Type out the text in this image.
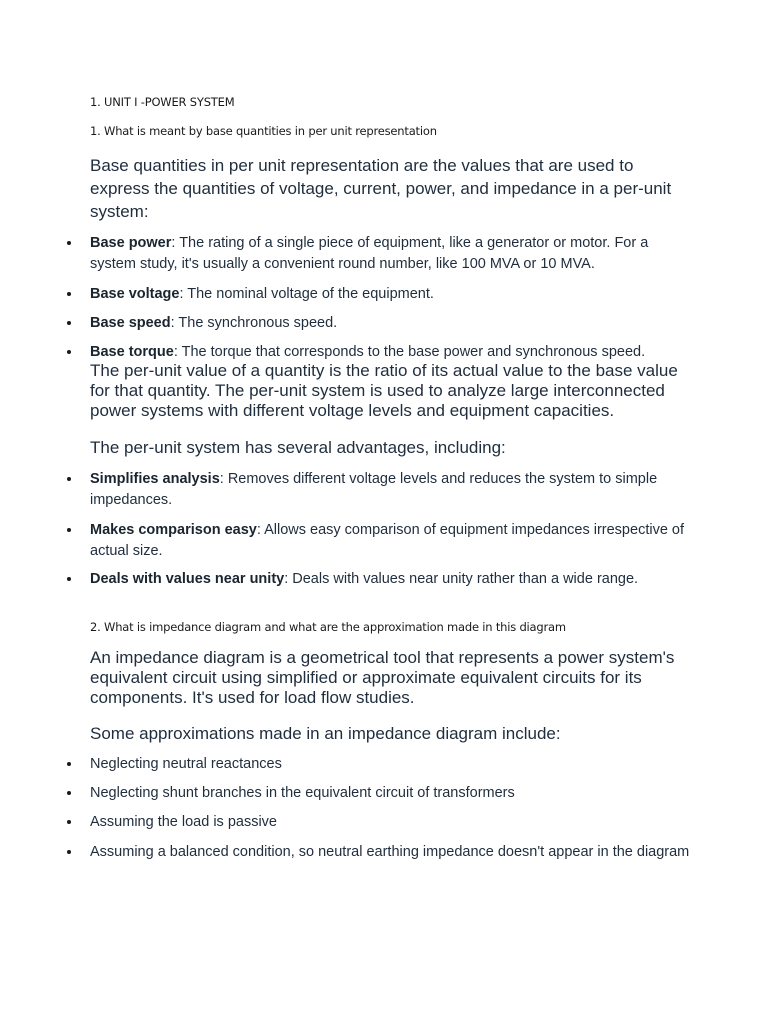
1. UNIT I -POWER SYSTEM
1. What is meant by base quantities in per unit representation
Base quantities in per unit representation are the values that are used to express the quantities of voltage, current, power, and impedance in a per-unit system:
Base power: The rating of a single piece of equipment, like a generator or motor. For a system study, it's usually a convenient round number, like 100 MVA or 10 MVA.
Base voltage: The nominal voltage of the equipment.
Base speed: The synchronous speed.
Base torque: The torque that corresponds to the base power and synchronous speed.
The per-unit value of a quantity is the ratio of its actual value to the base value for that quantity. The per-unit system is used to analyze large interconnected power systems with different voltage levels and equipment capacities.
The per-unit system has several advantages, including:
Simplifies analysis: Removes different voltage levels and reduces the system to simple impedances.
Makes comparison easy: Allows easy comparison of equipment impedances irrespective of actual size.
Deals with values near unity: Deals with values near unity rather than a wide range.
2. What is impedance diagram and what are the approximation made in this diagram
An impedance diagram is a geometrical tool that represents a power system's equivalent circuit using simplified or approximate equivalent circuits for its components. It's used for load flow studies.
Some approximations made in an impedance diagram include:
Neglecting neutral reactances
Neglecting shunt branches in the equivalent circuit of transformers
Assuming the load is passive
Assuming a balanced condition, so neutral earthing impedance doesn't appear in the diagram
